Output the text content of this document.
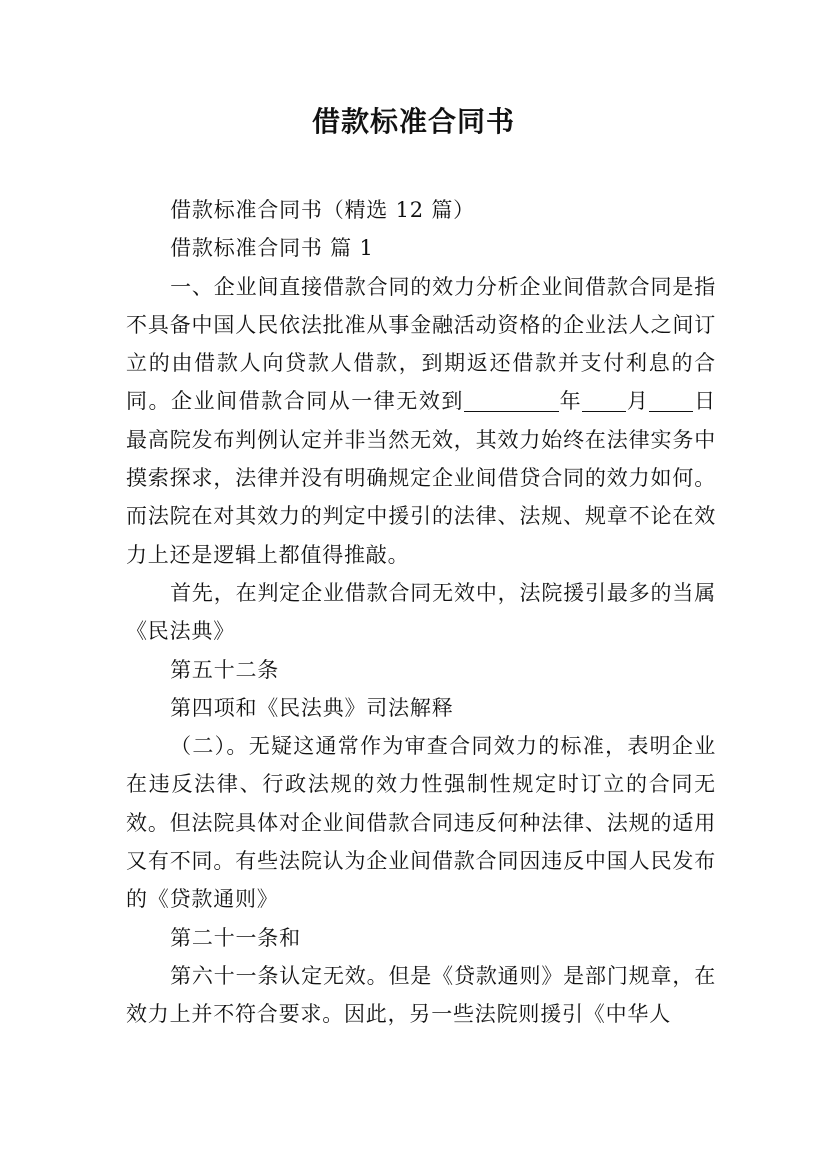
借款标准合同书

借款标准合同书（精选 12 篇）

借款标准合同书 篇 1

一、企业间直接借款合同的效力分析企业间借款合同是指不具备中国人民依法批准从事金融活动资格的企业法人之间订立的由借款人向贷款人借款，到期返还借款并支付利息的合同。企业间借款合同从一律无效到	年 月 日最高院发布判例认定并非当然无效，其效力始终在法律实务中摸索探求，法律并没有明确规定企业间借贷合同的效力如何。而法院在对其效力的判定中援引的法律、法规、规章不论在效力上还是逻辑上都值得推敲。

首先，在判定企业借款合同无效中，法院援引最多的当属《民法典》

第五十二条

第四项和《民法典》司法解释

（二）。无疑这通常作为审查合同效力的标准，表明企业在违反法律、行政法规的效力性强制性规定时订立的合同无效。但法院具体对企业间借款合同违反何种法律、法规的适用又有不同。有些法院认为企业间借款合同因违反中国人民发布的《贷款通则》

第二十一条和

第六十一条认定无效。但是《贷款通则》是部门规章，在效力上并不符合要求。因此，另一些法院则援引《中华人
